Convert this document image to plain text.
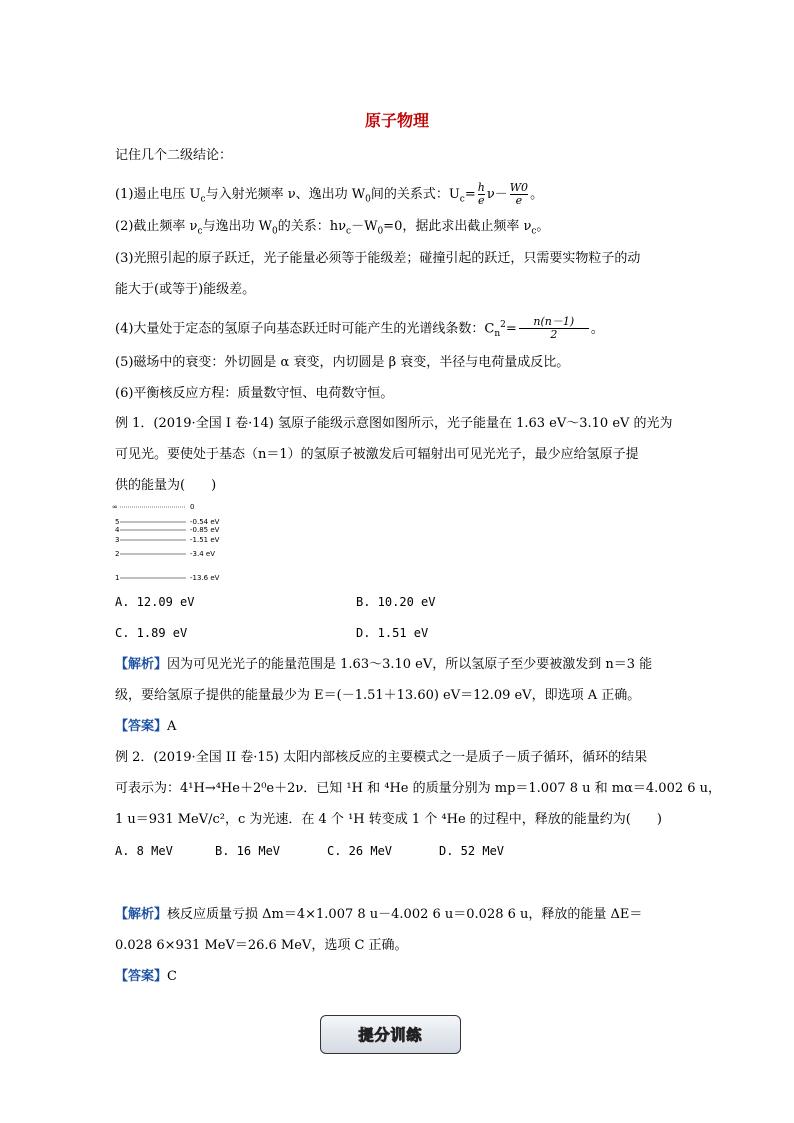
原子物理
记住几个二级结论：
(1)遏止电压 $U_c$与入射光频率 ν、逸出功 $W_0$间的关系式：$U_c= \frac{h}{e} \nu- \frac{W0}{e}$ 。
(2)截止频率 $\nu_c$与逸出功 $W_0$的关系：$h\nu_c-W_0=0$，据此求出截止频率 $\nu_c$。
(3)光照引起的原子跃迁，光子能量必须等于能级差；碰撞引起的跃迁，只需要实物粒子的动
能大于(或等于)能级差。
(4)大量处于定态的氢原子向基态跃迁时可能产生的光谱线条数：$C_n^2= \frac{n(n-1)}{2}$ 。
(5)磁场中的衰变：外切圆是 α 衰变，内切圆是 β 衰变，半径与电荷量成反比。
(6)平衡核反应方程：质量数守恒、电荷数守恒。
例 1．(2019·全国 I 卷·14) 氢原子能级示意图如图所示，光子能量在 1.63 eV～3.10 eV 的光为
可见光。要使处于基态（n＝1）的氢原子被激发后可辐射出可见光光子，最少应给氢原子提
供的能量为(　　)
∞	0
5	-0.54 eV
4	-0.85 eV
3	-1.51 eV
2	-3.4 eV
1	-13.6 eV
A. 12.09 eV	B. 10.20 eV
C. 1.89 eV	D. 1.51 eV
【解析】因为可见光光子的能量范围是 1.63～3.10 eV，所以氢原子至少要被激发到 n＝3 能
级，要给氢原子提供的能量最少为 E＝(－1.51＋13.60) eV＝12.09 eV，即选项 A 正确。
【答案】A
例 2．(2019·全国 II 卷·15) 太阳内部核反应的主要模式之一是质子－质子循环，循环的结果
可表示为：4¹H→⁴He＋2⁰e＋2ν．已知 ¹H 和 ⁴He 的质量分别为 mp＝1.007 8 u 和 mα＝4.002 6 u，
1 u＝931 MeV/c²，c 为光速．在 4 个 ¹H 转变成 1 个 ⁴He 的过程中，释放的能量约为(　　)
A. 8 MeV	B. 16 MeV	C. 26 MeV	D. 52 MeV
【解析】核反应质量亏损 Δm＝4×1.007 8 u－4.002 6 u＝0.028 6 u，释放的能量 ΔE＝
0.028 6×931 MeV＝26.6 MeV，选项 C 正确。
【答案】C
提分训练
